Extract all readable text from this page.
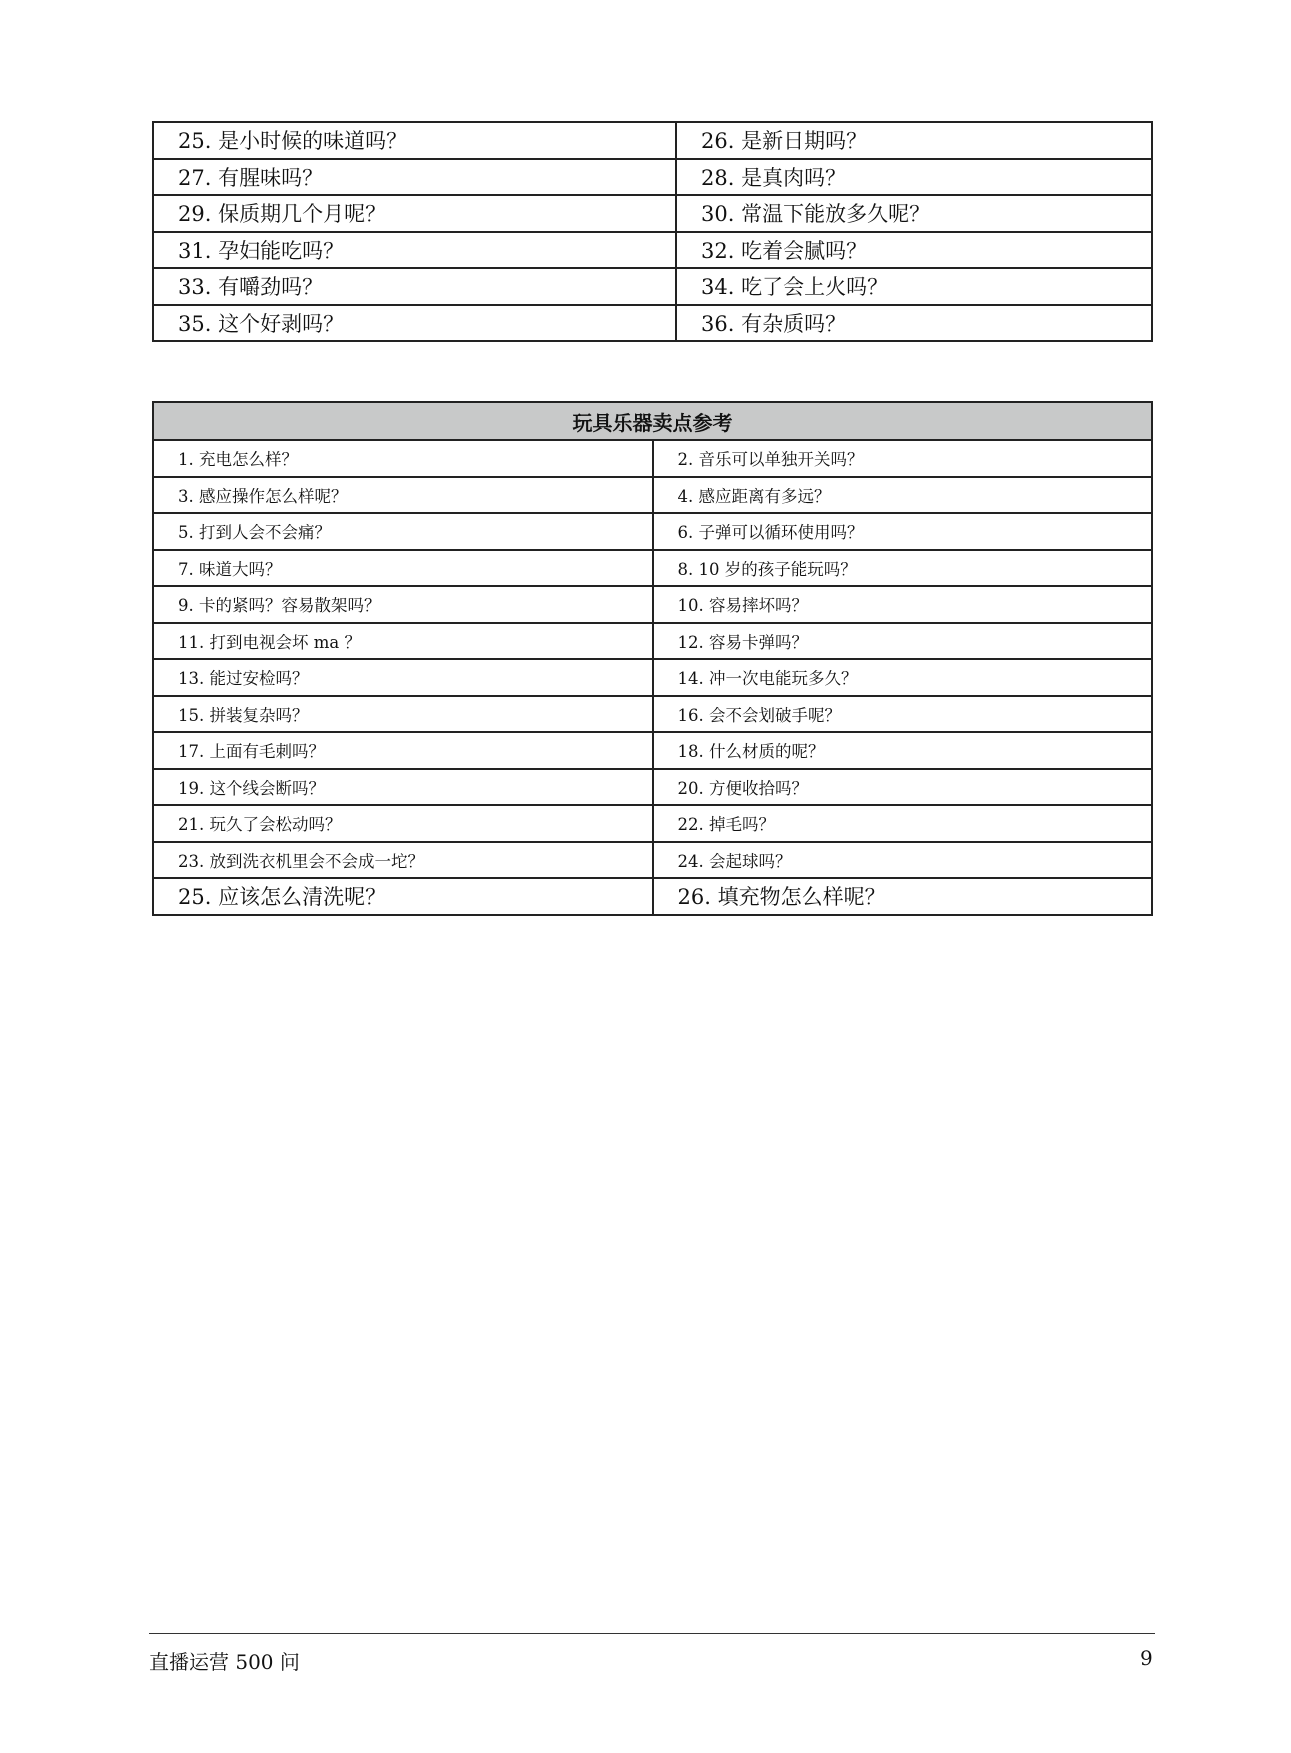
25. 是小时候的味道吗？	26. 是新日期吗？
27. 有腥味吗？	28. 是真肉吗？
29. 保质期几个月呢？	30. 常温下能放多久呢？
31. 孕妇能吃吗？	32. 吃着会腻吗？
33. 有嚼劲吗？	34. 吃了会上火吗？
35. 这个好剥吗？	36. 有杂质吗？
玩具乐器卖点参考	
1. 充电怎么样？	2. 音乐可以单独开关吗？
3. 感应操作怎么样呢？	4. 感应距离有多远？
5. 打到人会不会痛？	6. 子弹可以循环使用吗？
7. 味道大吗？	8. 10 岁的孩子能玩吗？
9. 卡的紧吗？容易散架吗？	10. 容易摔坏吗？
11. 打到电视会坏 ma ？	12. 容易卡弹吗？
13. 能过安检吗？	14. 冲一次电能玩多久？
15. 拼装复杂吗？	16. 会不会划破手呢？
17. 上面有毛刺吗？	18. 什么材质的呢？
19. 这个线会断吗？	20. 方便收拾吗？
21. 玩久了会松动吗？	22. 掉毛吗？
23. 放到洗衣机里会不会成一坨？	24. 会起球吗？
25. 应该怎么清洗呢？	26. 填充物怎么样呢？
直播运营 500 问	9
